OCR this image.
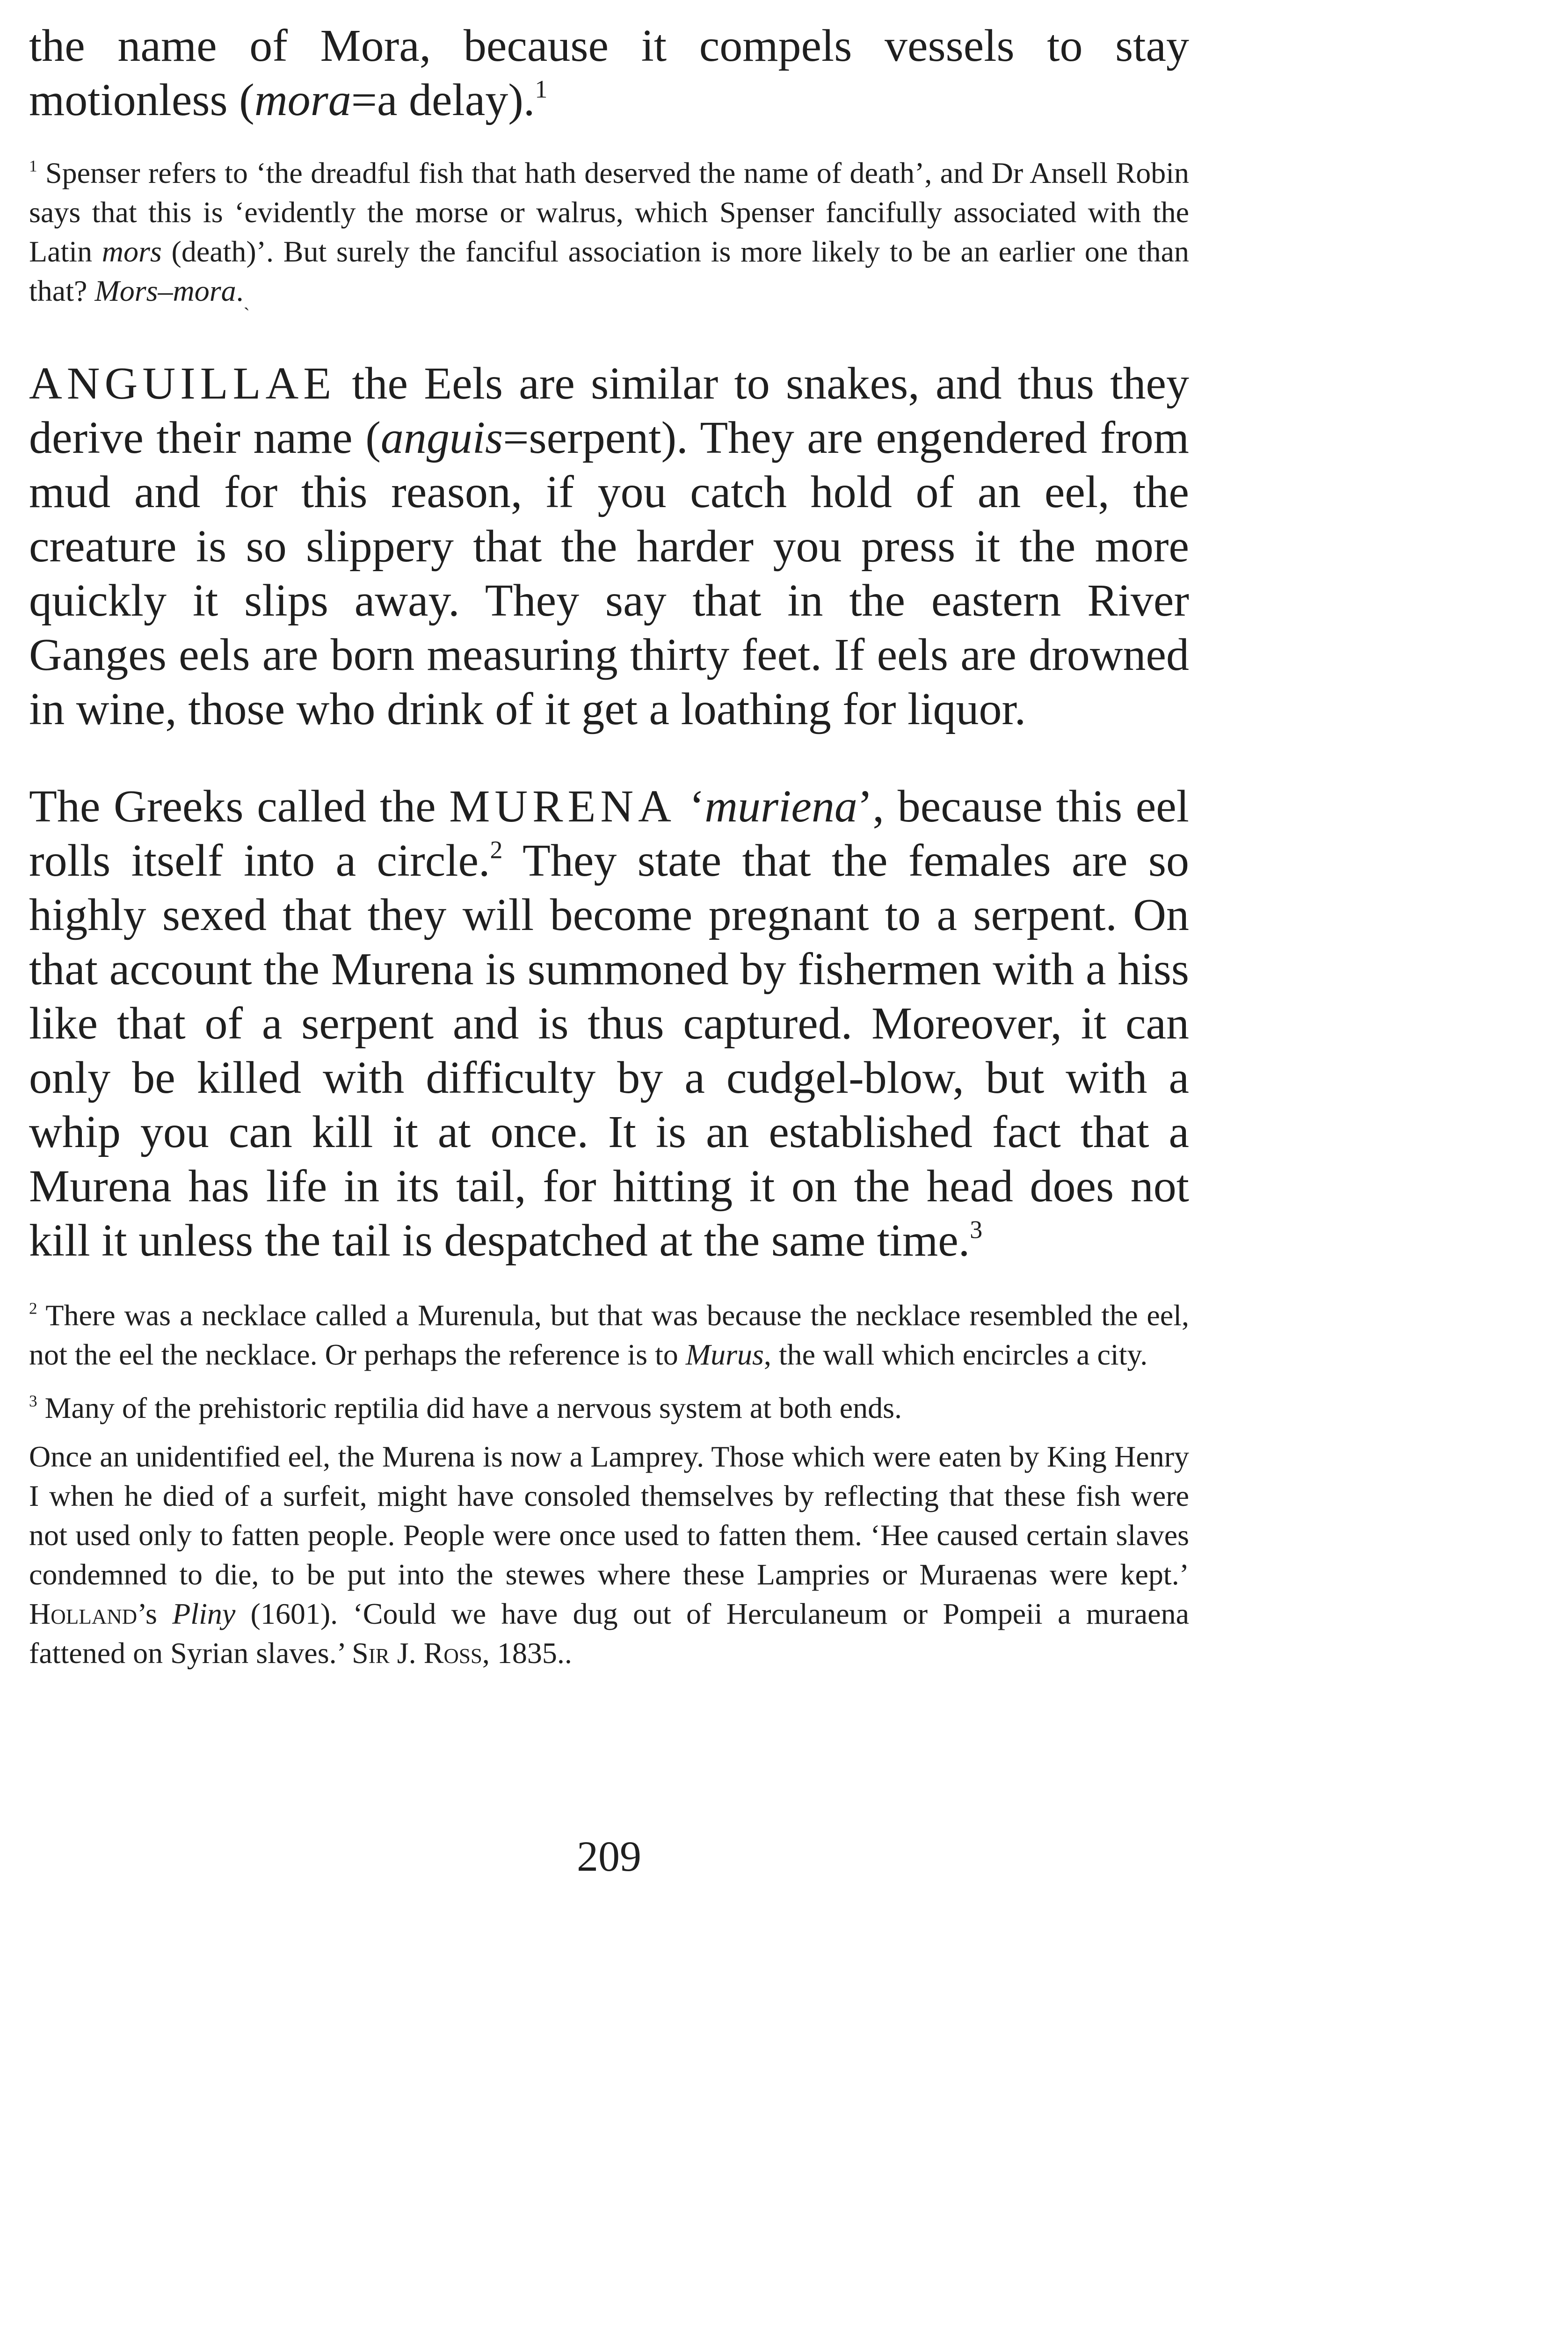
the name of Mora, because it compels vessels to stay motionless (mora=a delay).$^1$

$^1$ Spenser refers to ‘the dreadful fish that hath deserved the name of death’, and Dr Ansell Robin says that this is ‘evidently the morse or walrus, which Spenser fancifully associated with the Latin mors (death)’. But surely the fanciful association is more likely to be an earlier one than that? Mors–mora.ˏ

ANGUILLAE the Eels are similar to snakes, and thus they derive their name (anguis=serpent). They are engendered from mud and for this reason, if you catch hold of an eel, the creature is so slippery that the harder you press it the more quickly it slips away. They say that in the eastern River Ganges eels are born measuring thirty feet. If eels are drowned in wine, those who drink of it get a loathing for liquor.

The Greeks called the MURENA ‘muriena’, because this eel rolls itself into a circle.$^2$ They state that the females are so highly sexed that they will become pregnant to a serpent. On that account the Murena is summoned by fishermen with a hiss like that of a serpent and is thus captured. Moreover, it can only be killed with difficulty by a cudgel-blow, but with a whip you can kill it at once. It is an established fact that a Murena has life in its tail, for hitting it on the head does not kill it unless the tail is despatched at the same time.$^3$

$^2$ There was a necklace called a Murenula, but that was because the necklace resembled the eel, not the eel the necklace. Or perhaps the reference is to Murus, the wall which encircles a city.

$^3$ Many of the prehistoric reptilia did have a nervous system at both ends.

Once an unidentified eel, the Murena is now a Lamprey. Those which were eaten by King Henry I when he died of a surfeit, might have consoled themselves by reflecting that these fish were not used only to fatten people. People were once used to fatten them. ‘Hee caused certain slaves condemned to die, to be put into the stewes where these Lampries or Muraenas were kept.’ Holland’s Pliny (1601). ‘Could we have dug out of Herculaneum or Pompeii a muraena fattened on Syrian slaves.’ Sir J. Ross, 1835..

209
